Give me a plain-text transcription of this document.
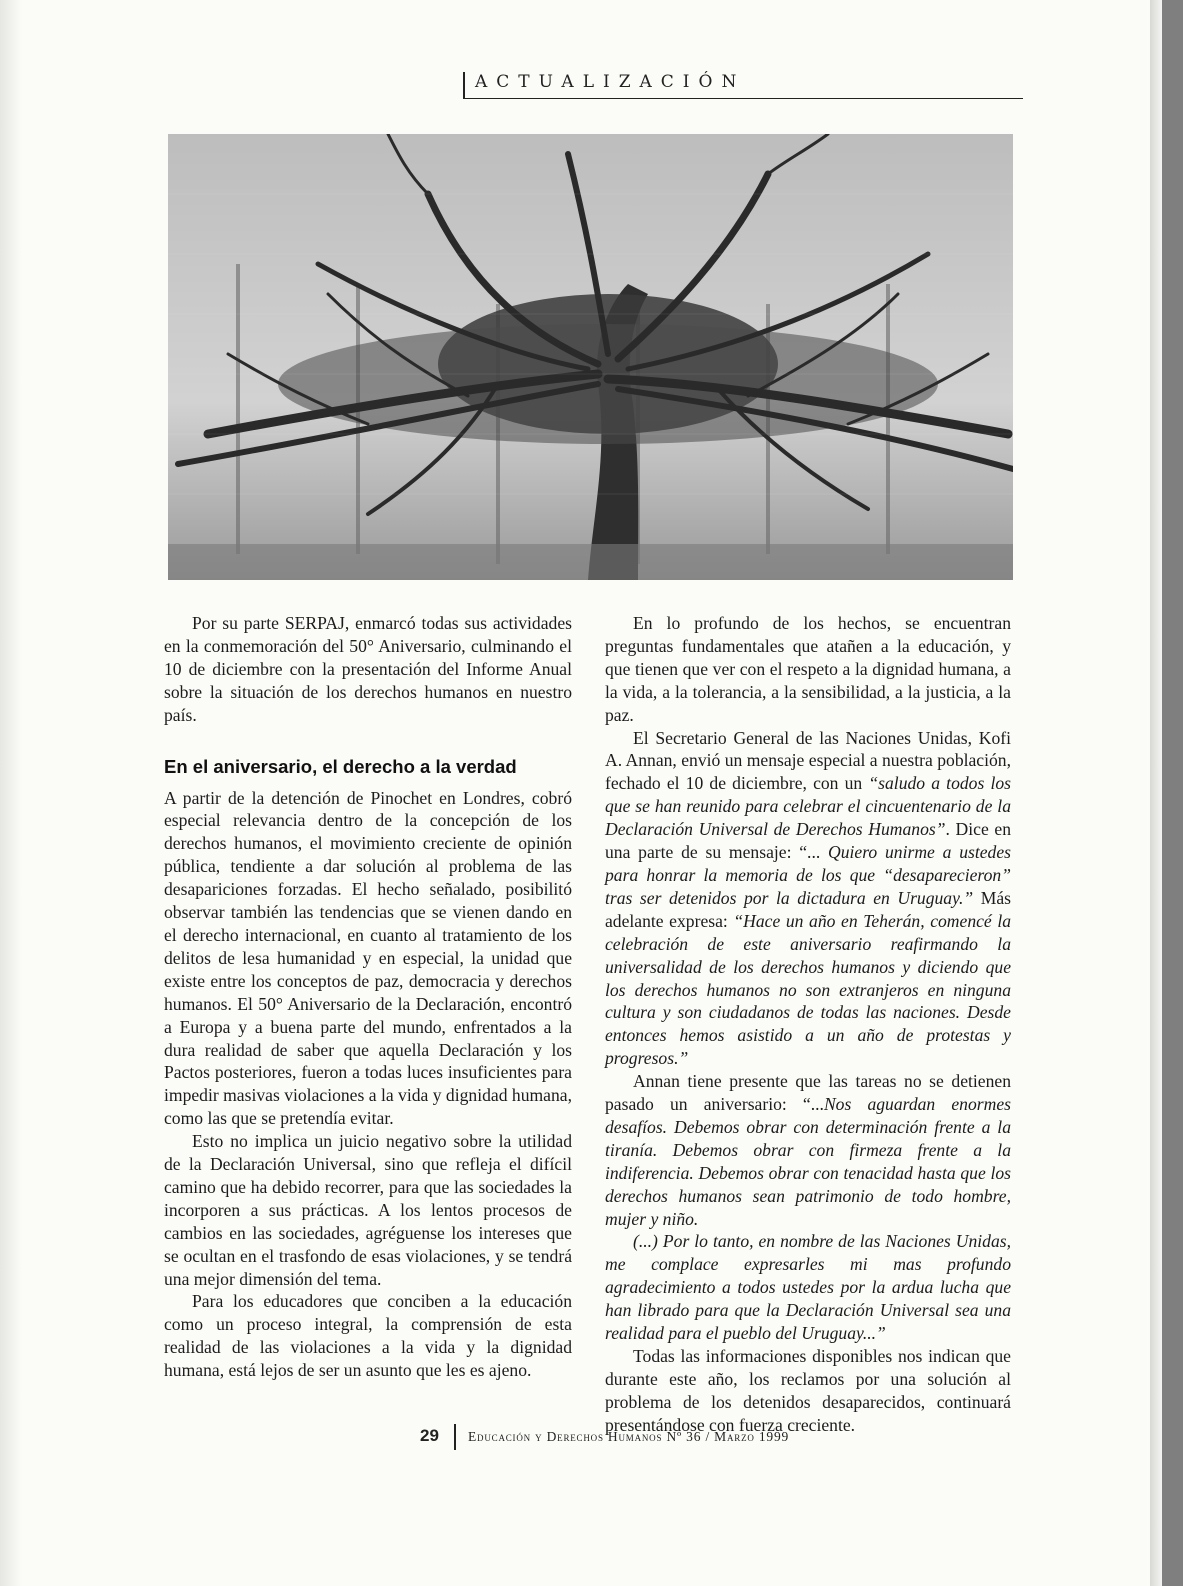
ACTUALIZACIÓN

Por su parte SERPAJ, enmarcó todas sus actividades en la conmemoración del 50° Aniversario, culminando el 10 de diciembre con la presentación del Informe Anual sobre la situación de los derechos humanos en nuestro país.

En el aniversario, el derecho a la verdad

A partir de la detención de Pinochet en Londres, cobró especial relevancia dentro de la concepción de los derechos humanos, el movimiento creciente de opinión pública, tendiente a dar solución al problema de las desapariciones forzadas. El hecho señalado, posibilitó observar también las tendencias que se vienen dando en el derecho internacional, en cuanto al tratamiento de los delitos de lesa humanidad y en especial, la unidad que existe entre los conceptos de paz, democracia y derechos humanos. El 50° Aniversario de la Declaración, encontró a Europa y a buena parte del mundo, enfrentados a la dura realidad de saber que aquella Declaración y los Pactos posteriores, fueron a todas luces insuficientes para impedir masivas violaciones a la vida y dignidad humana, como las que se pretendía evitar.

Esto no implica un juicio negativo sobre la utilidad de la Declaración Universal, sino que refleja el difícil camino que ha debido recorrer, para que las sociedades la incorporen a sus prácticas. A los lentos procesos de cambios en las sociedades, agréguense los intereses que se ocultan en el trasfondo de esas violaciones, y se tendrá una mejor dimensión del tema.

Para los educadores que conciben a la educación como un proceso integral, la comprensión de esta realidad de las violaciones a la vida y la dignidad humana, está lejos de ser un asunto que les es ajeno.

En lo profundo de los hechos, se encuentran preguntas fundamentales que atañen a la educación, y que tienen que ver con el respeto a la dignidad humana, a la vida, a la tolerancia, a la sensibilidad, a la justicia, a la paz.

El Secretario General de las Naciones Unidas, Kofi A. Annan, envió un mensaje especial a nuestra población, fechado el 10 de diciembre, con un “saludo a todos los que se han reunido para celebrar el cincuentenario de la Declaración Universal de Derechos Humanos”. Dice en una parte de su mensaje: “... Quiero unirme a ustedes para honrar la memoria de los que “desaparecieron” tras ser detenidos por la dictadura en Uruguay.” Más adelante expresa: “Hace un año en Teherán, comencé la celebración de este aniversario reafirmando la universalidad de los derechos humanos y diciendo que los derechos humanos no son extranjeros en ninguna cultura y son ciudadanos de todas las naciones. Desde entonces hemos asistido a un año de protestas y progresos.”

Annan tiene presente que las tareas no se detienen pasado un aniversario: “...Nos aguardan enormes desafíos. Debemos obrar con determinación frente a la tiranía. Debemos obrar con firmeza frente a la indiferencia. Debemos obrar con tenacidad hasta que los derechos humanos sean patrimonio de todo hombre, mujer y niño.

(...) Por lo tanto, en nombre de las Naciones Unidas, me complace expresarles mi mas profundo agradecimiento a todos ustedes por la ardua lucha que han librado para que la Declaración Universal sea una realidad para el pueblo del Uruguay...”

Todas las informaciones disponibles nos indican que durante este año, los reclamos por una solución al problema de los detenidos desaparecidos, continuará presentándose con fuerza creciente.

29 Educación y Derechos Humanos Nº 36 / Marzo 1999
